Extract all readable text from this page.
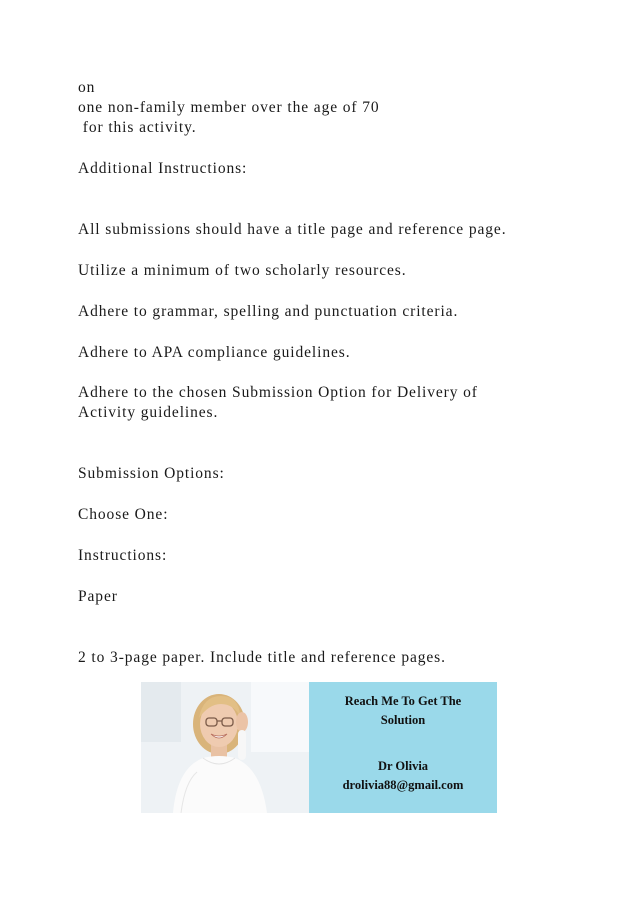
on

one non-family member over the age of 70

for this activity.

Additional Instructions:

All submissions should have a title page and reference page.

Utilize a minimum of two scholarly resources.

Adhere to grammar, spelling and punctuation criteria.

Adhere to APA compliance guidelines.

Adhere to the chosen Submission Option for Delivery of

Activity guidelines.

Submission Options:

Choose One:

Instructions:

Paper

2 to 3-page paper. Include title and reference pages.

Reach Me To Get The

Solution

Dr Olivia

drolivia88@gmail.com
